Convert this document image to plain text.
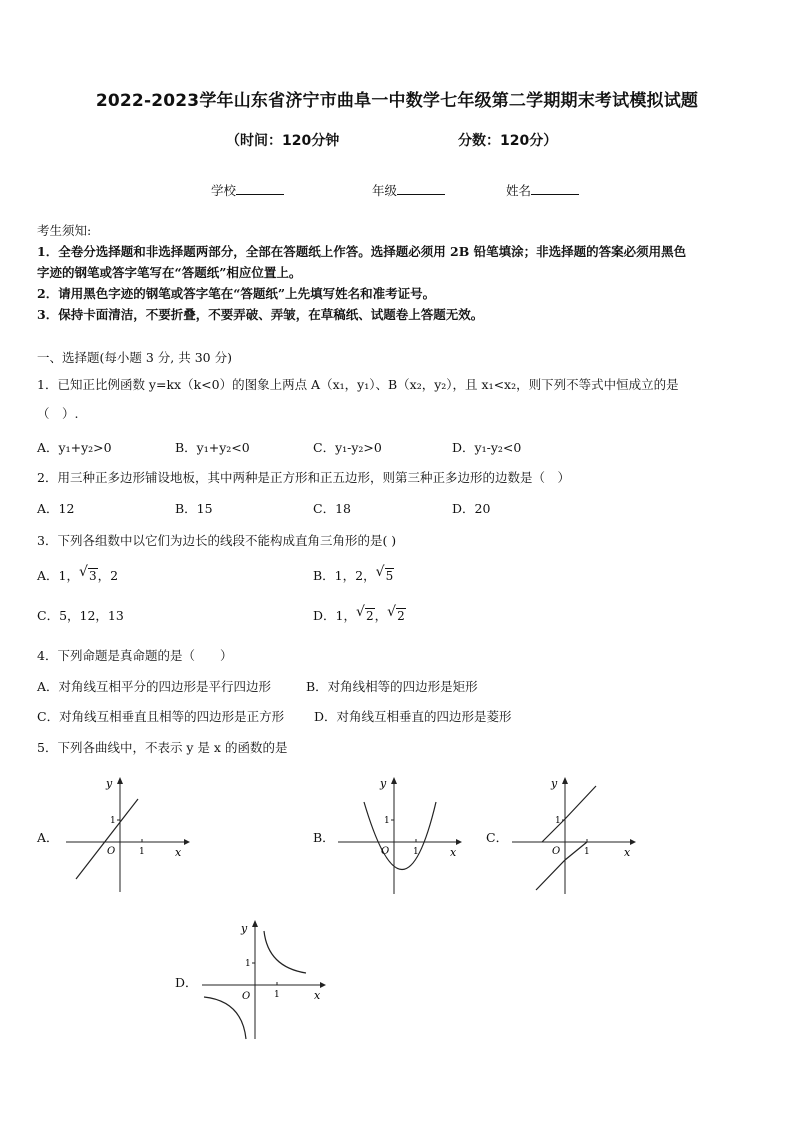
2022-2023学年山东省济宁市曲阜一中数学七年级第二学期期末考试模拟试题
（时间：120分钟	分数：120分）
学校	年级	姓名
考生须知:
1．全卷分选择题和非选择题两部分，全部在答题纸上作答。选择题必须用 2B 铅笔填涂；非选择题的答案必须用黑色
字迹的钢笔或答字笔写在“答题纸”相应位置上。
2．请用黑色字迹的钢笔或答字笔在“答题纸”上先填写姓名和准考证号。
3．保持卡面清洁，不要折叠，不要弄破、弄皱，在草稿纸、试题卷上答题无效。
一、选择题(每小题 3 分, 共 30 分)
1．已知正比例函数 y=kx（k<0）的图象上两点 A（x₁，y₁）、B（x₂，y₂），且 x₁<x₂，则下列不等式中恒成立的是
（　）.
A．y₁+y₂>0	B．y₁+y₂<0	C．y₁-y₂>0	D．y₁-y₂<0
2．用三种正多边形铺设地板，其中两种是正方形和正五边形，则第三种正多边形的边数是（　）
A．12	B．15	C．18	D．20
3．下列各组数中以它们为边长的线段不能构成直角三角形的是( )
A．1， √ 3，2	B．1，2， √ 5
C．5，12，13	D．1， √ 2， √ 2
4．下列命题是真命题的是（　　）
A．对角线互相平分的四边形是平行四边形	B．对角线相等的四边形是矩形
C．对角线互相垂直且相等的四边形是正方形 D．对角线互相垂直的四边形是菱形
5．下列各曲线中，不表示 y 是 x 的函数的是
A．
y
x
O	1
1
B．
y
x
O	1
1
C．
y
x
O	1
1
D．
y
x
O	1
1
